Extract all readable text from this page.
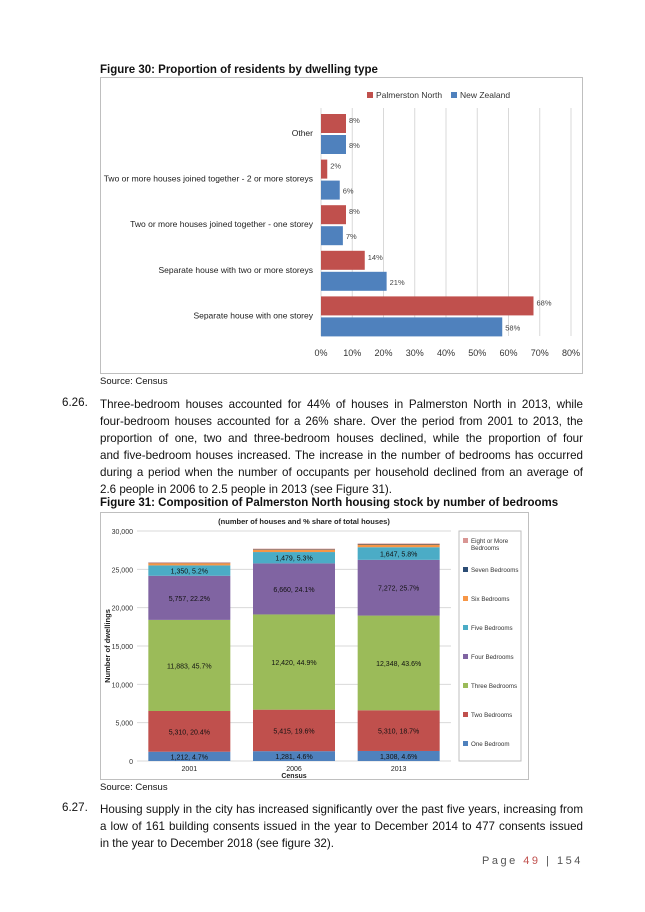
Figure 30: Proportion of residents by dwelling type
0% 10% 20% 30% 40% 50% 60% 70% 80%
Palmerston North New Zealand
8%
8%
Other
2%
6%
Two or more houses joined together - 2 or more storeys
8%
7%
Two or more houses joined together - one storey
14%
21%
Separate house with two or more storeys
68%
58%
Separate house with one storey
Source: Census
6.26. Three-bedroom houses accounted for 44% of houses in Palmerston North in 2013, while
four-bedroom houses accounted for a 26% share. Over the period from 2001 to 2013, the
proportion of one, two and three-bedroom houses declined, while the proportion of four
and five-bedroom houses increased. The increase in the number of bedrooms has occurred
during a period when the number of occupants per household declined from an average of
2.6 people in 2006 to 2.5 people in 2013 (see Figure 31).
Figure 31: Composition of Palmerston North housing stock by number of bedrooms
(number of houses and % share of total houses)
0
5,000
10,000
15,000
20,000
25,000
30,000
Number of dwellings
1,212, 4.7%
5,310, 20.4%
11,883, 45.7%
5,757, 22.2%
1,350, 5.2%
2001
1,281, 4.6%
5,415, 19.6%
12,420, 44.9%
6,660, 24.1%
1,479, 5.3%
2006
1,308, 4.6%
5,310, 18.7%
12,348, 43.6%
7,272, 25.7%
1,647, 5.8%
2013
Census
Eight or More
Bedrooms
Seven Bedrooms
Six Bedrooms
Five Bedrooms
Four Bedrooms
Three Bedrooms
Two Bedrooms
One Bedroom
Source: Census
6.27. Housing supply in the city has increased significantly over the past five years, increasing from
a low of 161 building consents issued in the year to December 2014 to 477 consents issued
in the year to December 2018 (see figure 32).
Page 49 | 154
